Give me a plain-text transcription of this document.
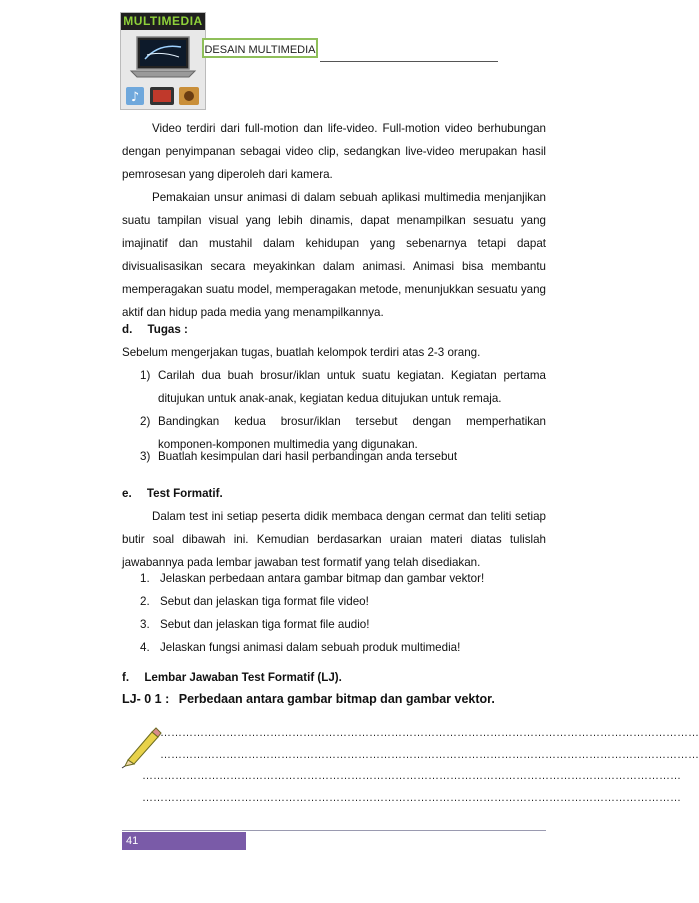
MULTIMEDIA
♪
DESAIN MULTIMEDIA
Video terdiri dari full-motion dan life-video. Full-motion video berhubungan dengan penyimpanan sebagai video clip, sedangkan live-video merupakan hasil pemrosesan yang diperoleh dari kamera.
Pemakaian unsur animasi di dalam sebuah aplikasi multimedia menjanjikan suatu tampilan visual yang lebih dinamis, dapat menampilkan sesuatu yang imajinatif dan mustahil dalam kehidupan yang sebenarnya tetapi dapat divisualisasikan secara meyakinkan dalam animasi. Animasi bisa membantu memperagakan suatu model, memperagakan metode, menunjukkan sesuatu yang aktif dan hidup pada media yang menampilkannya.
d. Tugas :
Sebelum mengerjakan tugas, buatlah kelompok terdiri atas 2-3 orang.
1) Carilah dua buah brosur/iklan untuk suatu kegiatan. Kegiatan pertama ditujukan untuk anak-anak, kegiatan kedua ditujukan untuk remaja.
2) Bandingkan kedua brosur/iklan tersebut dengan memperhatikan komponen-komponen multimedia yang digunakan.
3) Buatlah kesimpulan dari hasil perbandingan anda tersebut
e. Test Formatif.
Dalam test ini setiap peserta didik membaca dengan cermat dan teliti setiap butir soal dibawah ini. Kemudian berdasarkan uraian materi diatas tulislah jawabannya pada lembar jawaban test formatif yang telah disediakan.
1. Jelaskan perbedaan antara gambar bitmap dan gambar vektor!
2. Sebut dan jelaskan tiga format file video!
3. Sebut dan jelaskan tiga format file audio!
4. Jelaskan fungsi animasi dalam sebuah produk multimedia!
f. Lembar Jawaban Test Formatif (LJ).
LJ- 0 1 : Perbedaan antara gambar bitmap dan gambar vektor.
…………………………………………………………………………………………………………………………………
…………………………………………………………………………………………………………………………………
…………………………………………………………………………………………………………………………………
…………………………………………………………………………………………………………………………………
41
